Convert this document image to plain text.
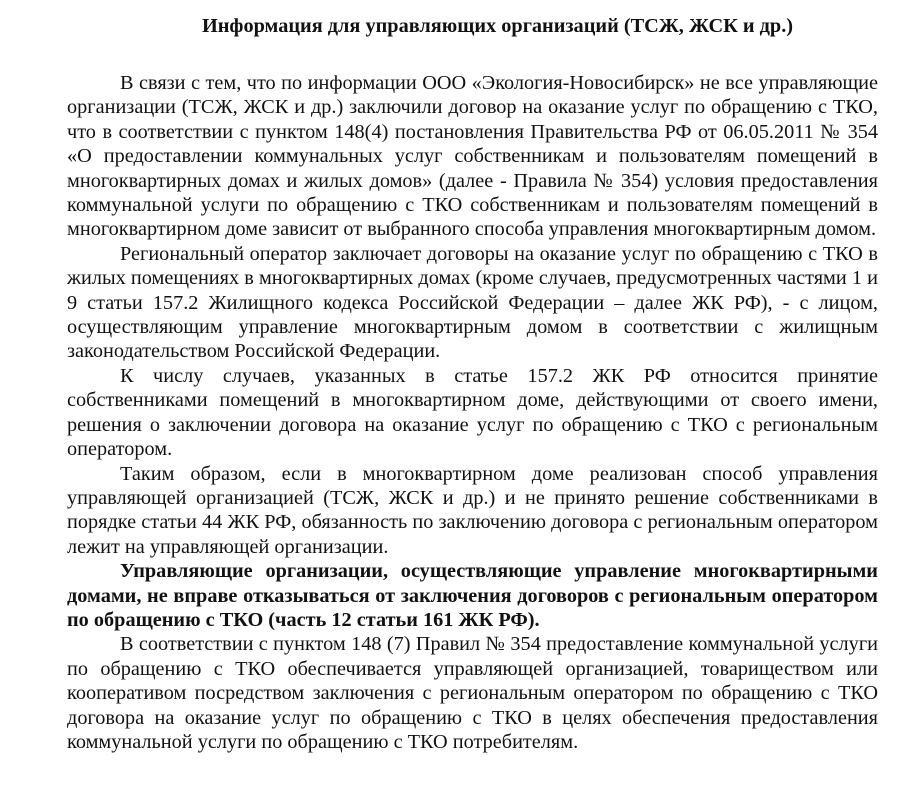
Информация для управляющих организаций (ТСЖ, ЖСК и др.)

В связи с тем, что по информации ООО «Экология-Новосибирск» не все управляющие организации (ТСЖ, ЖСК и др.) заключили договор на оказание услуг по обращению с ТКО, что в соответствии с пунктом 148(4) постановления Правительства РФ от 06.05.2011 № 354 «О предоставлении коммунальных услуг собственникам и пользователям помещений в многоквартирных домах и жилых домов» (далее - Правила № 354) условия предоставления коммунальной услуги по обращению с ТКО собственникам и пользователям помещений в многоквартирном доме зависит от выбранного способа управления многоквартирным домом.

Региональный оператор заключает договоры на оказание услуг по обращению с ТКО в жилых помещениях в многоквартирных домах (кроме случаев, предусмотренных частями 1 и 9 статьи 157.2 Жилищного кодекса Российской Федерации – далее ЖК РФ), - с лицом, осуществляющим управление многоквартирным домом в соответствии с жилищным законодательством Российской Федерации.

К числу случаев, указанных в статье 157.2 ЖК РФ относится принятие собственниками помещений в многоквартирном доме, действующими от своего имени, решения о заключении договора на оказание услуг по обращению с ТКО с региональным оператором.

Таким образом, если в многоквартирном доме реализован способ управления управляющей организацией (ТСЖ, ЖСК и др.) и не принято решение собственниками в порядке статьи 44 ЖК РФ, обязанность по заключению договора с региональным оператором лежит на управляющей организации.

Управляющие организации, осуществляющие управление многоквартирными домами, не вправе отказываться от заключения договоров с региональным оператором по обращению с ТКО (часть 12 статьи 161 ЖК РФ).

В соответствии с пунктом 148 (7) Правил № 354 предоставление коммунальной услуги по обращению с ТКО обеспечивается управляющей организацией, товариществом или кооперативом посредством заключения с региональным оператором по обращению с ТКО договора на оказание услуг по обращению с ТКО в целях обеспечения предоставления коммунальной услуги по обращению с ТКО потребителям.
